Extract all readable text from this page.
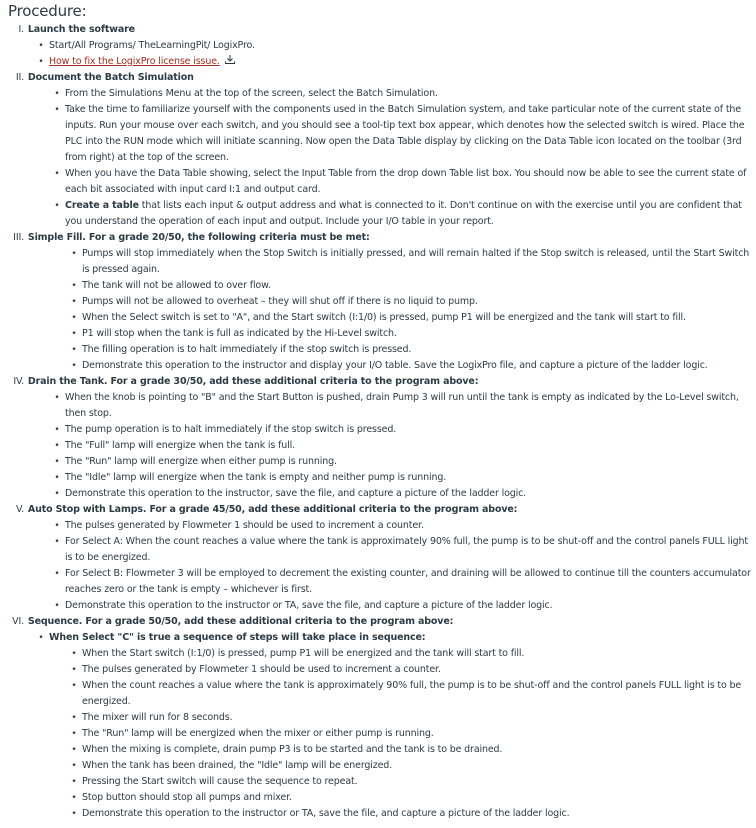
Procedure:
I. Launch the software
• Start/All Programs/ TheLearningPit/ LogixPro.
• How to fix the LogixPro license issue.
II. Document the Batch Simulation
• From the Simulations Menu at the top of the screen, select the Batch Simulation.
• Take the time to familiarize yourself with the components used in the Batch Simulation system, and take particular note of the current state of the inputs. Run your mouse over each switch, and you should see a tool-tip text box appear, which denotes how the selected switch is wired. Place the PLC into the RUN mode which will initiate scanning. Now open the Data Table display by clicking on the Data Table icon located on the toolbar (3rd from right) at the top of the screen.
• When you have the Data Table showing, select the Input Table from the drop down Table list box. You should now be able to see the current state of each bit associated with input card I:1 and output card.
• Create a table that lists each input & output address and what is connected to it. Don't continue on with the exercise until you are confident that you understand the operation of each input and output. Include your I/O table in your report.
III. Simple Fill. For a grade 20/50, the following criteria must be met:
• Pumps will stop immediately when the Stop Switch is initially pressed, and will remain halted if the Stop switch is released, until the Start Switch is pressed again.
• The tank will not be allowed to over flow.
• Pumps will not be allowed to overheat – they will shut off if there is no liquid to pump.
• When the Select switch is set to "A", and the Start switch (I:1/0) is pressed, pump P1 will be energized and the tank will start to fill.
• P1 will stop when the tank is full as indicated by the Hi-Level switch.
• The filling operation is to halt immediately if the stop switch is pressed.
• Demonstrate this operation to the instructor and display your I/O table. Save the LogixPro file, and capture a picture of the ladder logic.
IV. Drain the Tank. For a grade 30/50, add these additional criteria to the program above:
• When the knob is pointing to "B" and the Start Button is pushed, drain Pump 3 will run until the tank is empty as indicated by the Lo-Level switch, then stop.
• The pump operation is to halt immediately if the stop switch is pressed.
• The "Full" lamp will energize when the tank is full.
• The "Run" lamp will energize when either pump is running.
• The "Idle" lamp will energize when the tank is empty and neither pump is running.
• Demonstrate this operation to the instructor, save the file, and capture a picture of the ladder logic.
V. Auto Stop with Lamps. For a grade 45/50, add these additional criteria to the program above:
• The pulses generated by Flowmeter 1 should be used to increment a counter.
• For Select A: When the count reaches a value where the tank is approximately 90% full, the pump is to be shut-off and the control panels FULL light is to be energized.
• For Select B: Flowmeter 3 will be employed to decrement the existing counter, and draining will be allowed to continue till the counters accumulator reaches zero or the tank is empty – whichever is first.
• Demonstrate this operation to the instructor or TA, save the file, and capture a picture of the ladder logic.
VI. Sequence. For a grade 50/50, add these additional criteria to the program above:
• When Select "C" is true a sequence of steps will take place in sequence:
• When the Start switch (I:1/0) is pressed, pump P1 will be energized and the tank will start to fill.
• The pulses generated by Flowmeter 1 should be used to increment a counter.
• When the count reaches a value where the tank is approximately 90% full, the pump is to be shut-off and the control panels FULL light is to be energized.
• The mixer will run for 8 seconds.
• The "Run" lamp will be energized when the mixer or either pump is running.
• When the mixing is complete, drain pump P3 is to be started and the tank is to be drained.
• When the tank has been drained, the "Idle" lamp will be energized.
• Pressing the Start switch will cause the sequence to repeat.
• Stop button should stop all pumps and mixer.
• Demonstrate this operation to the instructor or TA, save the file, and capture a picture of the ladder logic.
